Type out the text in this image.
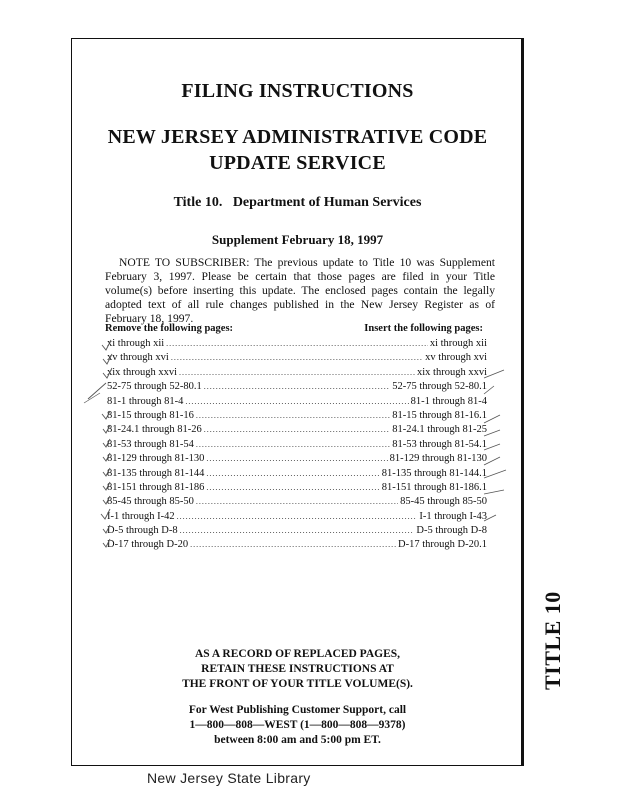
FILING INSTRUCTIONS
NEW JERSEY ADMINISTRATIVE CODE
UPDATE SERVICE
Title 10.   Department of Human Services
Supplement February 18, 1997
NOTE TO SUBSCRIBER: The previous update to Title 10 was Supplement February 3, 1997. Please be certain that those pages are filed in your Title volume(s) before inserting this update. The enclosed pages contain the legally adopted text of all rule changes published in the New Jersey Register as of February 18, 1997.
Remove the following pages:	Insert the following pages:
xi through xii .....	xi through xii
xv through xvi .....	xv through xvi
xix through xxvi .....	xix through xxvi
52-75 through 52-80.1 .....	52-75 through 52-80.1
81-1 through 81-4 .....	81-1 through 81-4
81-15 through 81-16 .....	81-15 through 81-16.1
81-24.1 through 81-26 .....	81-24.1 through 81-25
81-53 through 81-54 .....	81-53 through 81-54.1
81-129 through 81-130 .....	81-129 through 81-130
81-135 through 81-144 .....	81-135 through 81-144.1
81-151 through 81-186 .....	81-151 through 81-186.1
85-45 through 85-50 .....	85-45 through 85-50
I-1 through I-42 .....	I-1 through I-43
D-5 through D-8 .....	D-5 through D-8
D-17 through D-20 .....	D-17 through D-20.1
AS A RECORD OF REPLACED PAGES,
RETAIN THESE INSTRUCTIONS AT
THE FRONT OF YOUR TITLE VOLUME(S).
For West Publishing Customer Support, call
1—800—808—WEST (1—800—808—9378)
between 8:00 am and 5:00 pm ET.
TITLE 10
New Jersey State Library
